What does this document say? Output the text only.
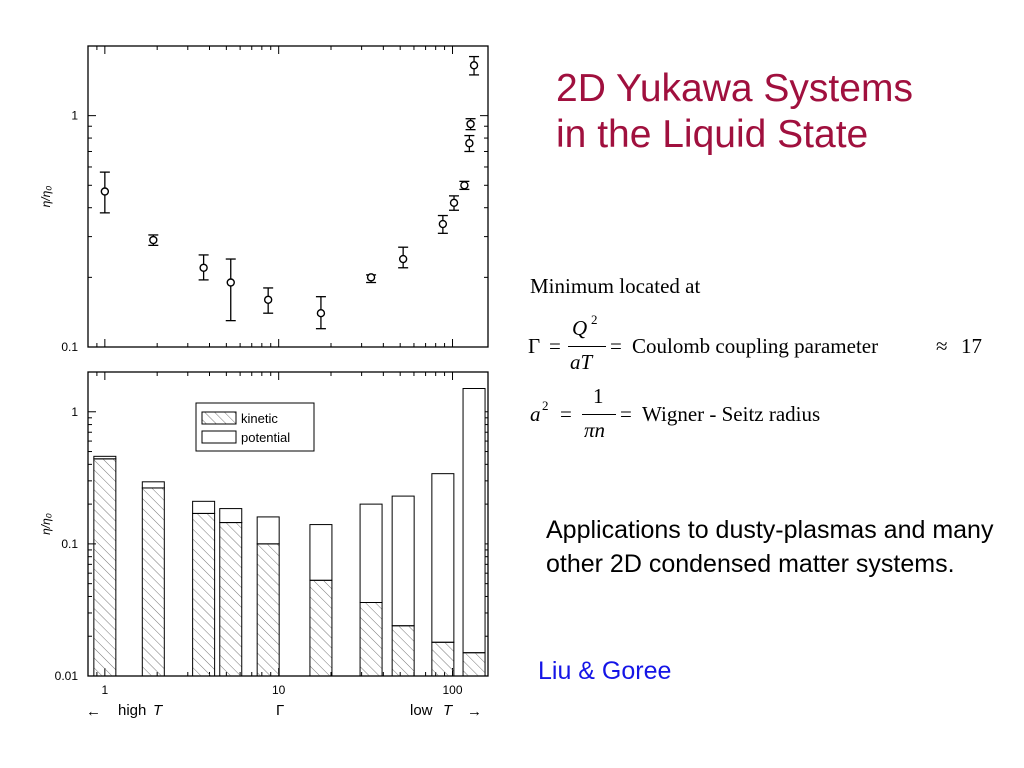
0.1
1
η/η₀
0.01
0.1
1
η/η₀
1	10	100
kinetic
potential
← high T	Γ	low T →
2D Yukawa Systems
in the Liquid State
Minimum located at
Γ =
Q 2
aT
= Coulomb coupling parameter	≈ 17
a 2 =
1
πn
= Wigner - Seitz radius
Applications to dusty-plasmas and many other 2D condensed matter systems.
Liu & Goree
